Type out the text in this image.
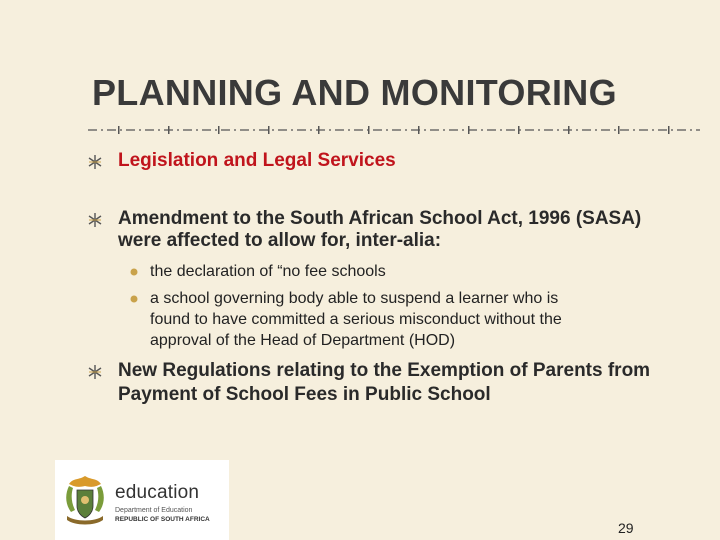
PLANNING AND MONITORING
Legislation and Legal Services
Amendment to the South African School Act, 1996 (SASA)
were affected to allow for, inter-alia:
the declaration of “no fee schools
a school governing body able to suspend a learner who is
found to have committed a serious misconduct without the
approval of the Head of Department (HOD)
New Regulations relating to the Exemption of Parents from
Payment of School Fees in Public School
education
Department of Education
REPUBLIC OF SOUTH AFRICA
29
